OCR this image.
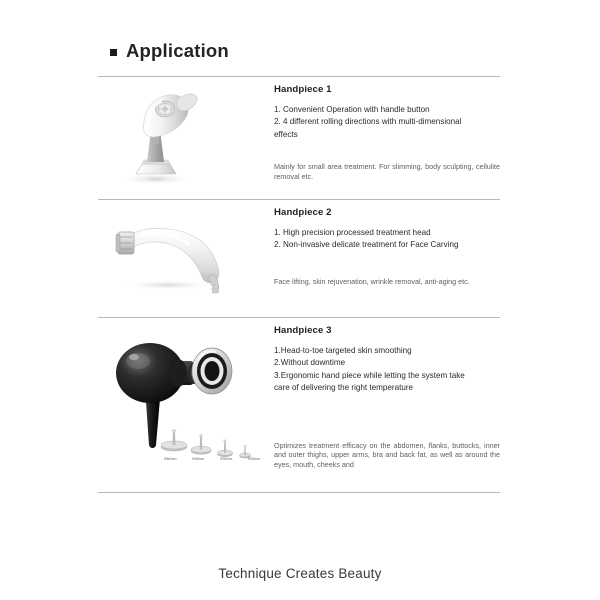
Application
Handpiece 1
1. Convenient Operation with handle button
2. 4 different rolling directions with multi-dimensional
effects
Mainly for small area treatment. For slimming, body sculpting, cellulite removal etc.
Handpiece 2
1. High precision processed treatment head
2. Non-invasive delicate treatment for Face Carving
Face lifting, skin rejuvenation, wrinkle removal, anti-aging etc.
Φ60mm	Φ45mm	Φ30mm	Φ20mm
Handpiece 3
1.Head-to-toe targeted skin smoothing
2.Without downtime
3.Ergonomic hand piece while letting the system take
care of delivering the right temperature
Optimizes treatment efficacy on the abdomen, flanks, buttocks, inner and outer thighs, upper arms, bra and back fat, as well as around the eyes, mouth, cheeks and
Technique Creates Beauty
